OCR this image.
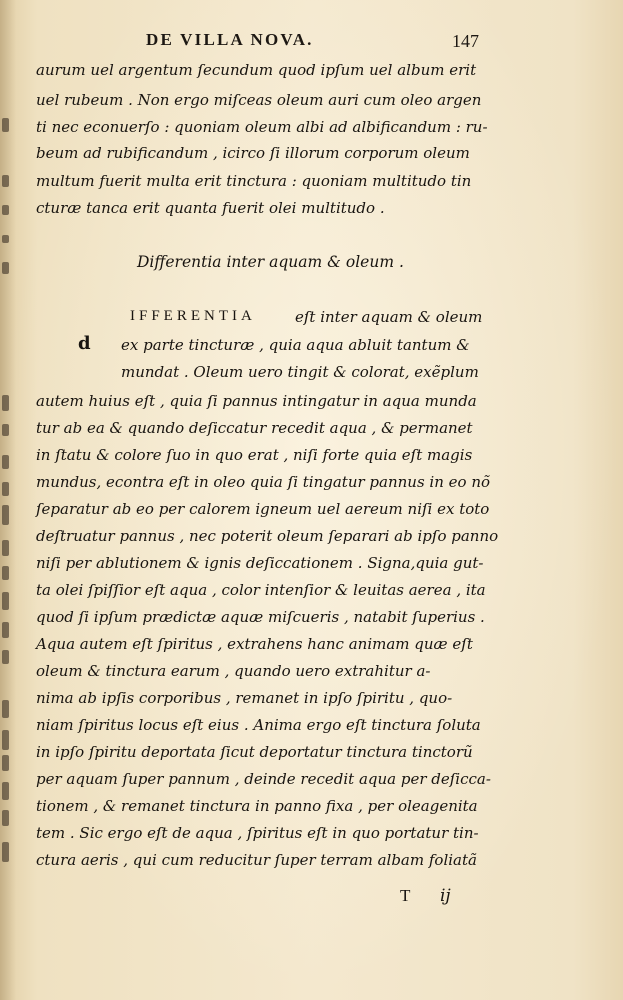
DE VILLA NOVA.	147
aurum uel argentum ſecundum quod ipſum uel album erit
uel rubeum . Non ergo miſceas oleum auri cum oleo argen
ti nec econuerſo : quoniam oleum albi ad albificandum : ru-
beum ad rubificandum , icirco ſi illorum corporum oleum
multum fuerit multa erit tinctura : quoniam multitudo tin
cturæ tanca erit quanta fuerit olei multitudo .
Differentia inter aquam & oleum .
IFFERENTIA	eſt inter aquam & oleum
d ex parte tincturæ , quia aqua abluit tantum &
mundat . Oleum uero tingit & colorat, exẽplum
autem huius eſt , quia ſi pannus intingatur in aqua munda
tur ab ea & quando deſiccatur recedit aqua , & permanet
in ſtatu & colore ſuo in quo erat , niſi forte quia eſt magis
mundus, econtra eſt in oleo quia ſi tingatur pannus in eo nõ
ſeparatur ab eo per calorem igneum uel aereum niſi ex toto
deſtruatur pannus , nec poterit oleum ſeparari ab ipſo panno
niſi per ablutionem & ignis deſiccationem . Signa,quia gut-
ta olei ſpiſſior eſt aqua , color intenſior & leuitas aerea , ita
quod ſi ipſum prædictæ aquæ miſcueris , natabit ſuperius .
Aqua autem eſt ſpiritus , extrahens hanc animam quæ eſt
oleum & tinctura earum , quando uero extrahitur a-
nima ab ipſis corporibus , remanet in ipſo ſpiritu , quo-
niam ſpiritus locus eſt eius . Anima ergo eſt tinctura ſoluta
in ipſo ſpiritu deportata ſicut deportatur tinctura tinctorũ
per aquam ſuper pannum , deinde recedit aqua per deſicca-
tionem , & remanet tinctura in panno fixa , per oleagenita
tem . Sic ergo eſt de aqua , ſpiritus eſt in quo portatur tin-
ctura aeris , qui cum reducitur ſuper terram albam foliatã
T ij
